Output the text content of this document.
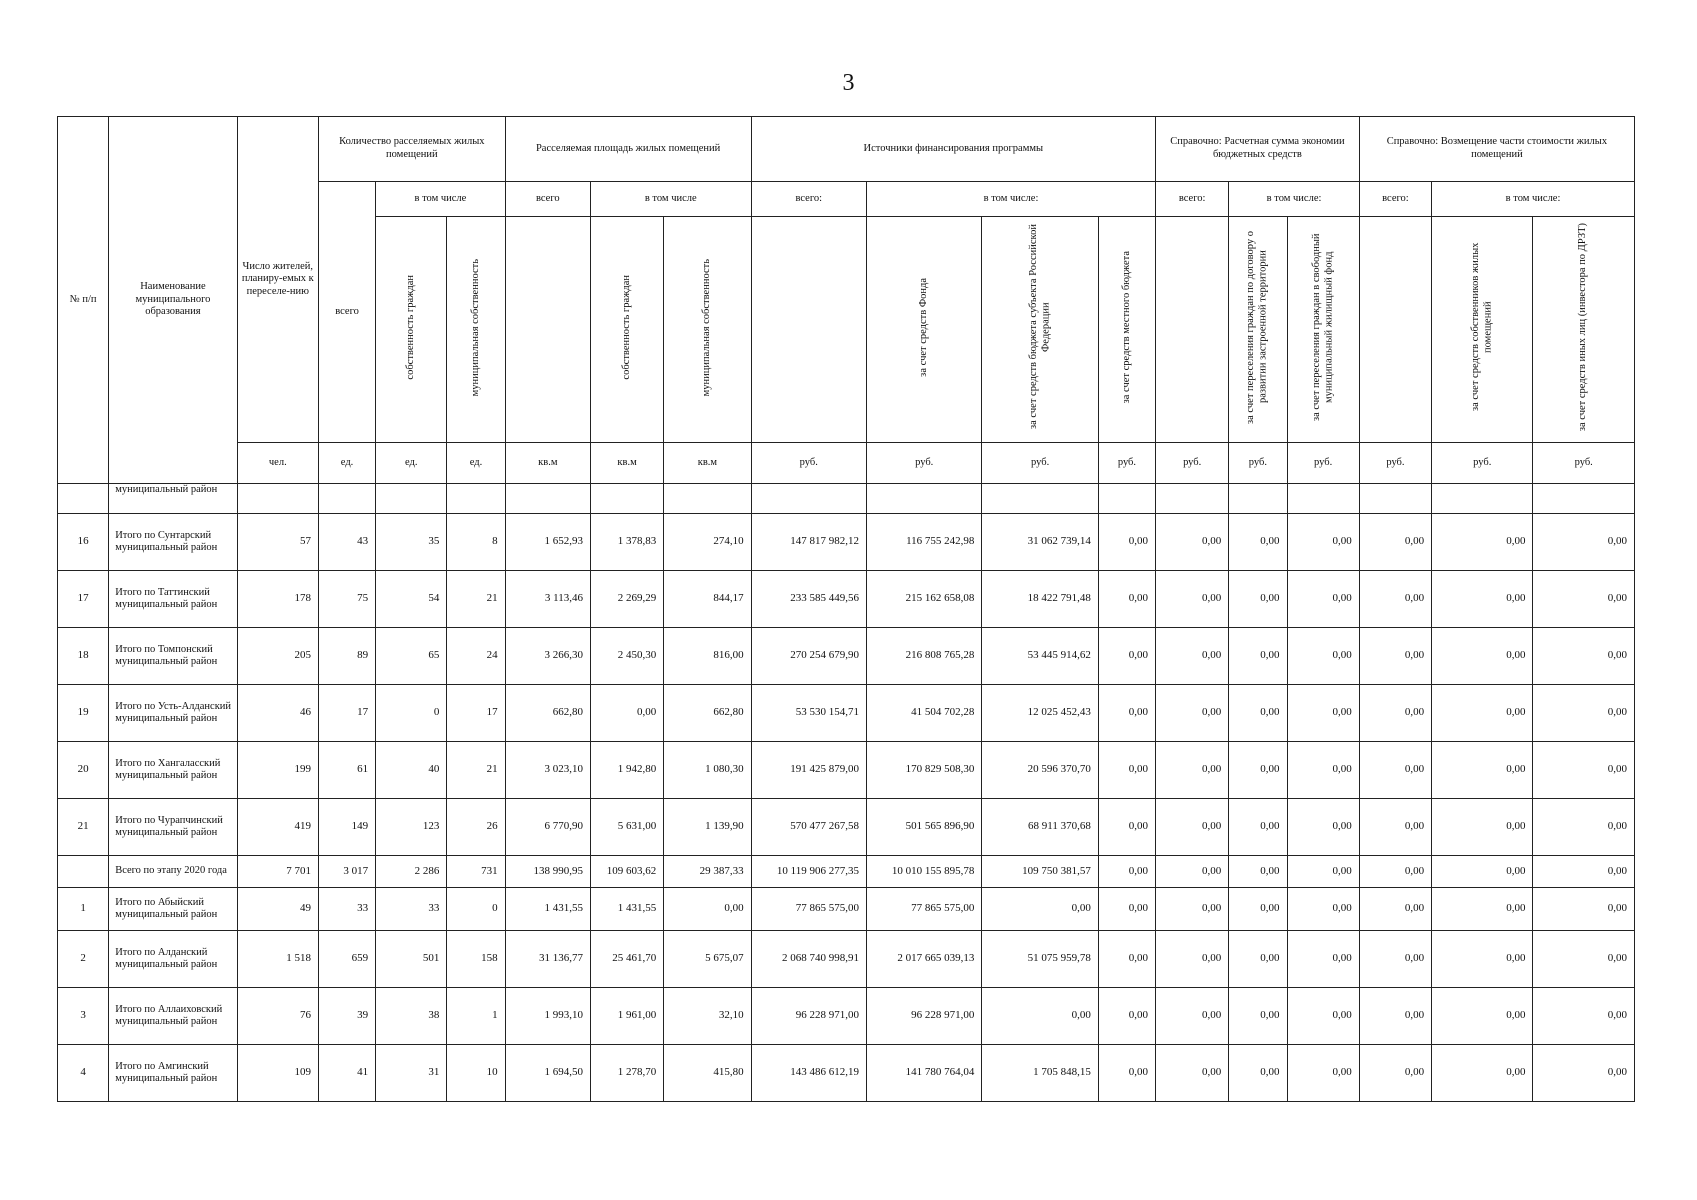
3
№ п/п	Наименование муниципального образования	Число жителей, планиру-емых к переселе-нию	Количество расселяемых жилых помещений			Расселяемая площадь жилых помещений			Источники финансирования программы				Справочно: Расчетная сумма экономии бюджетных средств			Справочно: Возмещение части стоимости жилых помещений		
			всего	в том числе		всего	в том числе		всего:	в том числе:			всего:	в том числе:		всего:	в том числе:	
				собственность граждан	муниципальная собственность		собственность граждан	муниципальная собственность		за счет средств Фонда	за счет средств бюджета субъекта Российской Федерации	за счет средств местного бюджета		за счет переселения граждан по договору о развитии застроенной территории	за счет переселения граждан в свободный муниципальный жилищный фонд		за счет средств собственников жилых помещений	за счет средств иных лиц (инвестора по ДРЗТ)
		чел.	ед.	ед.	ед.	кв.м	кв.м	кв.м	руб.	руб.	руб.	руб.	руб.	руб.	руб.	руб.	руб.	руб.
	муниципальный район																	
16	Итого по Сунтарский муниципальный район	57	43	35	8	1 652,93	1 378,83	274,10	147 817 982,12	116 755 242,98	31 062 739,14	0,00	0,00	0,00	0,00	0,00	0,00	0,00
17	Итого по Таттинский муниципальный район	178	75	54	21	3 113,46	2 269,29	844,17	233 585 449,56	215 162 658,08	18 422 791,48	0,00	0,00	0,00	0,00	0,00	0,00	0,00
18	Итого по Томпонский муниципальный район	205	89	65	24	3 266,30	2 450,30	816,00	270 254 679,90	216 808 765,28	53 445 914,62	0,00	0,00	0,00	0,00	0,00	0,00	0,00
19	Итого по Усть-Алданский муниципальный район	46	17	0	17	662,80	0,00	662,80	53 530 154,71	41 504 702,28	12 025 452,43	0,00	0,00	0,00	0,00	0,00	0,00	0,00
20	Итого по Хангаласский муниципальный район	199	61	40	21	3 023,10	1 942,80	1 080,30	191 425 879,00	170 829 508,30	20 596 370,70	0,00	0,00	0,00	0,00	0,00	0,00	0,00
21	Итого по Чурапчинский муниципальный район	419	149	123	26	6 770,90	5 631,00	1 139,90	570 477 267,58	501 565 896,90	68 911 370,68	0,00	0,00	0,00	0,00	0,00	0,00	0,00
	Всего по этапу 2020 года	7 701	3 017	2 286	731	138 990,95	109 603,62	29 387,33	10 119 906 277,35	10 010 155 895,78	109 750 381,57	0,00	0,00	0,00	0,00	0,00	0,00	0,00
1	Итого по Абыйский муниципальный район	49	33	33	0	1 431,55	1 431,55	0,00	77 865 575,00	77 865 575,00	0,00	0,00	0,00	0,00	0,00	0,00	0,00	0,00
2	Итого по Алданский муниципальный район	1 518	659	501	158	31 136,77	25 461,70	5 675,07	2 068 740 998,91	2 017 665 039,13	51 075 959,78	0,00	0,00	0,00	0,00	0,00	0,00	0,00
3	Итого по Аллаиховский муниципальный район	76	39	38	1	1 993,10	1 961,00	32,10	96 228 971,00	96 228 971,00	0,00	0,00	0,00	0,00	0,00	0,00	0,00	0,00
4	Итого по Амгинский муниципальный район	109	41	31	10	1 694,50	1 278,70	415,80	143 486 612,19	141 780 764,04	1 705 848,15	0,00	0,00	0,00	0,00	0,00	0,00	0,00
